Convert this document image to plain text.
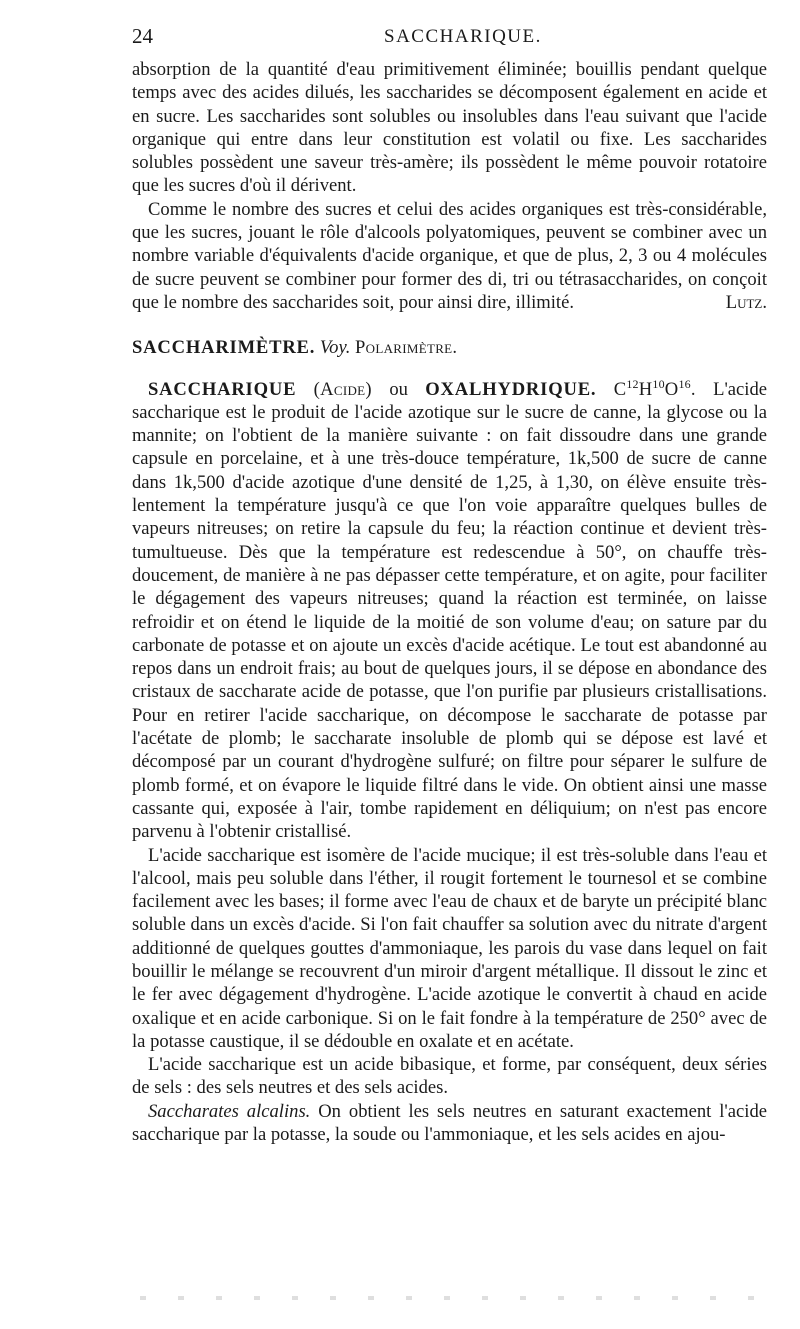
24	SACCHARIQUE.

absorption de la quantité d'eau primitivement éliminée; bouillis pendant quelque temps avec des acides dilués, les saccharides se décomposent également en acide et en sucre. Les saccharides sont solubles ou insolubles dans l'eau suivant que l'acide organique qui entre dans leur constitution est volatil ou fixe. Les saccharides solubles possèdent une saveur très-amère; ils possèdent le même pouvoir rotatoire que les sucres d'où il dérivent.

Comme le nombre des sucres et celui des acides organiques est très-considérable, que les sucres, jouant le rôle d'alcools polyatomiques, peuvent se combiner avec un nombre variable d'équivalents d'acide organique, et que de plus, 2, 3 ou 4 molécules de sucre peuvent se combiner pour former des di, tri ou tétrasaccharides, on conçoit que le nombre des saccharides soit, pour ainsi dire, illimité.	Lutz.

SACCHARIMÈTRE. Voy. Polarimètre.

SACCHARIQUE (Acide) ou OXALHYDRIQUE. $C^{12}H^{10}O^{16}$. L'acide saccharique est le produit de l'acide azotique sur le sucre de canne, la glycose ou la mannite; on l'obtient de la manière suivante : on fait dissoudre dans une grande capsule en porcelaine, et à une très-douce température, 1k,500 de sucre de canne dans 1k,500 d'acide azotique d'une densité de 1,25, à 1,30, on élève ensuite très-lentement la température jusqu'à ce que l'on voie apparaître quelques bulles de vapeurs nitreuses; on retire la capsule du feu; la réaction continue et devient très-tumultueuse. Dès que la température est redescendue à 50°, on chauffe très-doucement, de manière à ne pas dépasser cette température, et on agite, pour faciliter le dégagement des vapeurs nitreuses; quand la réaction est terminée, on laisse refroidir et on étend le liquide de la moitié de son volume d'eau; on sature par du carbonate de potasse et on ajoute un excès d'acide acétique. Le tout est abandonné au repos dans un endroit frais; au bout de quelques jours, il se dépose en abondance des cristaux de saccharate acide de potasse, que l'on purifie par plusieurs cristallisations. Pour en retirer l'acide saccharique, on décompose le saccharate de potasse par l'acétate de plomb; le saccharate insoluble de plomb qui se dépose est lavé et décomposé par un courant d'hydrogène sulfuré; on filtre pour séparer le sulfure de plomb formé, et on évapore le liquide filtré dans le vide. On obtient ainsi une masse cassante qui, exposée à l'air, tombe rapidement en déliquium; on n'est pas encore parvenu à l'obtenir cristallisé.

L'acide saccharique est isomère de l'acide mucique; il est très-soluble dans l'eau et l'alcool, mais peu soluble dans l'éther, il rougit fortement le tournesol et se combine facilement avec les bases; il forme avec l'eau de chaux et de baryte un précipité blanc soluble dans un excès d'acide. Si l'on fait chauffer sa solution avec du nitrate d'argent additionné de quelques gouttes d'ammoniaque, les parois du vase dans lequel on fait bouillir le mélange se recouvrent d'un miroir d'argent métallique. Il dissout le zinc et le fer avec dégagement d'hydrogène. L'acide azotique le convertit à chaud en acide oxalique et en acide carbonique. Si on le fait fondre à la température de 250° avec de la potasse caustique, il se dédouble en oxalate et en acétate.

L'acide saccharique est un acide bibasique, et forme, par conséquent, deux séries de sels : des sels neutres et des sels acides.

Saccharates alcalins. On obtient les sels neutres en saturant exactement l'acide saccharique par la potasse, la soude ou l'ammoniaque, et les sels acides en ajou-
